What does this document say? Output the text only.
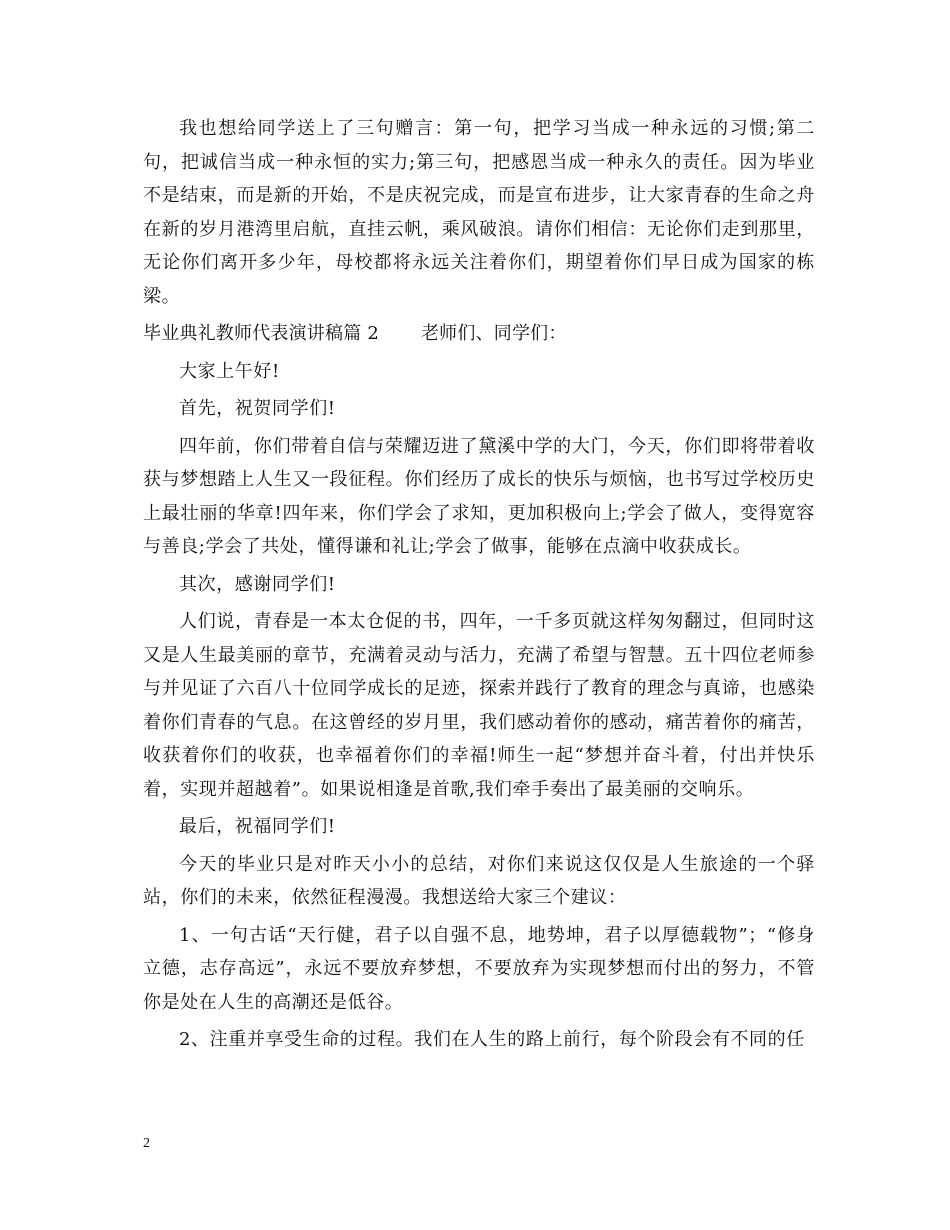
我也想给同学送上了三句赠言：第一句，把学习当成一种永远的习惯;第二句，把诚信当成一种永恒的实力;第三句，把感恩当成一种永久的责任。因为毕业不是结束，而是新的开始，不是庆祝完成，而是宣布进步，让大家青春的生命之舟在新的岁月港湾里启航，直挂云帆，乘风破浪。请你们相信：无论你们走到那里，无论你们离开多少年，母校都将永远关注着你们，期望着你们早日成为国家的栋梁。

毕业典礼教师代表演讲稿篇 2 老师们、同学们：

大家上午好!

首先，祝贺同学们!

四年前，你们带着自信与荣耀迈进了黛溪中学的大门，今天，你们即将带着收获与梦想踏上人生又一段征程。你们经历了成长的快乐与烦恼，也书写过学校历史上最壮丽的华章!四年来，你们学会了求知，更加积极向上;学会了做人，变得宽容与善良;学会了共处，懂得谦和礼让;学会了做事，能够在点滴中收获成长。

其次，感谢同学们!

人们说，青春是一本太仓促的书，四年，一千多页就这样匆匆翻过，但同时这又是人生最美丽的章节，充满着灵动与活力，充满了希望与智慧。五十四位老师参与并见证了六百八十位同学成长的足迹，探索并践行了教育的理念与真谛，也感染着你们青春的气息。在这曾经的岁月里，我们感动着你的感动，痛苦着你的痛苦，收获着你们的收获，也幸福着你们的幸福!师生一起“梦想并奋斗着，付出并快乐着，实现并超越着”。如果说相逢是首歌,我们牵手奏出了最美丽的交响乐。

最后，祝福同学们!

今天的毕业只是对昨天小小的总结，对你们来说这仅仅是人生旅途的一个驿站，你们的未来，依然征程漫漫。我想送给大家三个建议：

1、一句古话“天行健，君子以自强不息，地势坤，君子以厚德载物”；“修身立德，志存高远”，永远不要放弃梦想，不要放弃为实现梦想而付出的努力，不管你是处在人生的高潮还是低谷。

2、注重并享受生命的过程。我们在人生的路上前行，每个阶段会有不同的任

2
